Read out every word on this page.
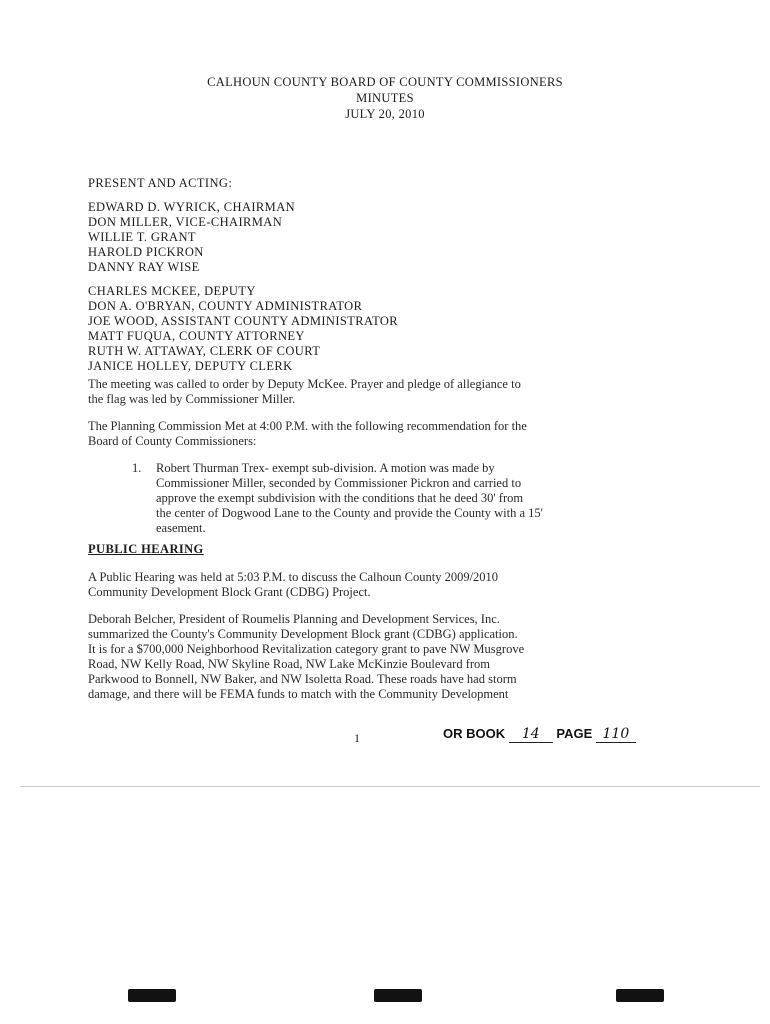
CALHOUN COUNTY BOARD OF COUNTY COMMISSIONERS
MINUTES
JULY 20, 2010
PRESENT AND ACTING:
EDWARD D. WYRICK, CHAIRMAN
DON MILLER, VICE-CHAIRMAN
WILLIE T. GRANT
HAROLD PICKRON
DANNY RAY WISE
CHARLES MCKEE, DEPUTY
DON A. O'BRYAN, COUNTY ADMINISTRATOR
JOE WOOD, ASSISTANT COUNTY ADMINISTRATOR
MATT FUQUA, COUNTY ATTORNEY
RUTH W. ATTAWAY, CLERK OF COURT
JANICE HOLLEY, DEPUTY CLERK
The meeting was called to order by Deputy McKee. Prayer and pledge of allegiance to
the flag was led by Commissioner Miller.
The Planning Commission Met at 4:00 P.M. with the following recommendation for the
Board of County Commissioners:
1. Robert Thurman Trex- exempt sub-division. A motion was made by
Commissioner Miller, seconded by Commissioner Pickron and carried to
approve the exempt subdivision with the conditions that he deed 30' from
the center of Dogwood Lane to the County and provide the County with a 15'
easement.
PUBLIC HEARING
A Public Hearing was held at 5:03 P.M. to discuss the Calhoun County 2009/2010
Community Development Block Grant (CDBG) Project.
Deborah Belcher, President of Roumelis Planning and Development Services, Inc.
summarized the County's Community Development Block grant (CDBG) application.
It is for a $700,000 Neighborhood Revitalization category grant to pave NW Musgrove
Road, NW Kelly Road, NW Skyline Road, NW Lake McKinzie Boulevard from
Parkwood to Bonnell, NW Baker, and NW Isoletta Road. These roads have had storm
damage, and there will be FEMA funds to match with the Community Development
1	OR BOOK 14 PAGE 110
